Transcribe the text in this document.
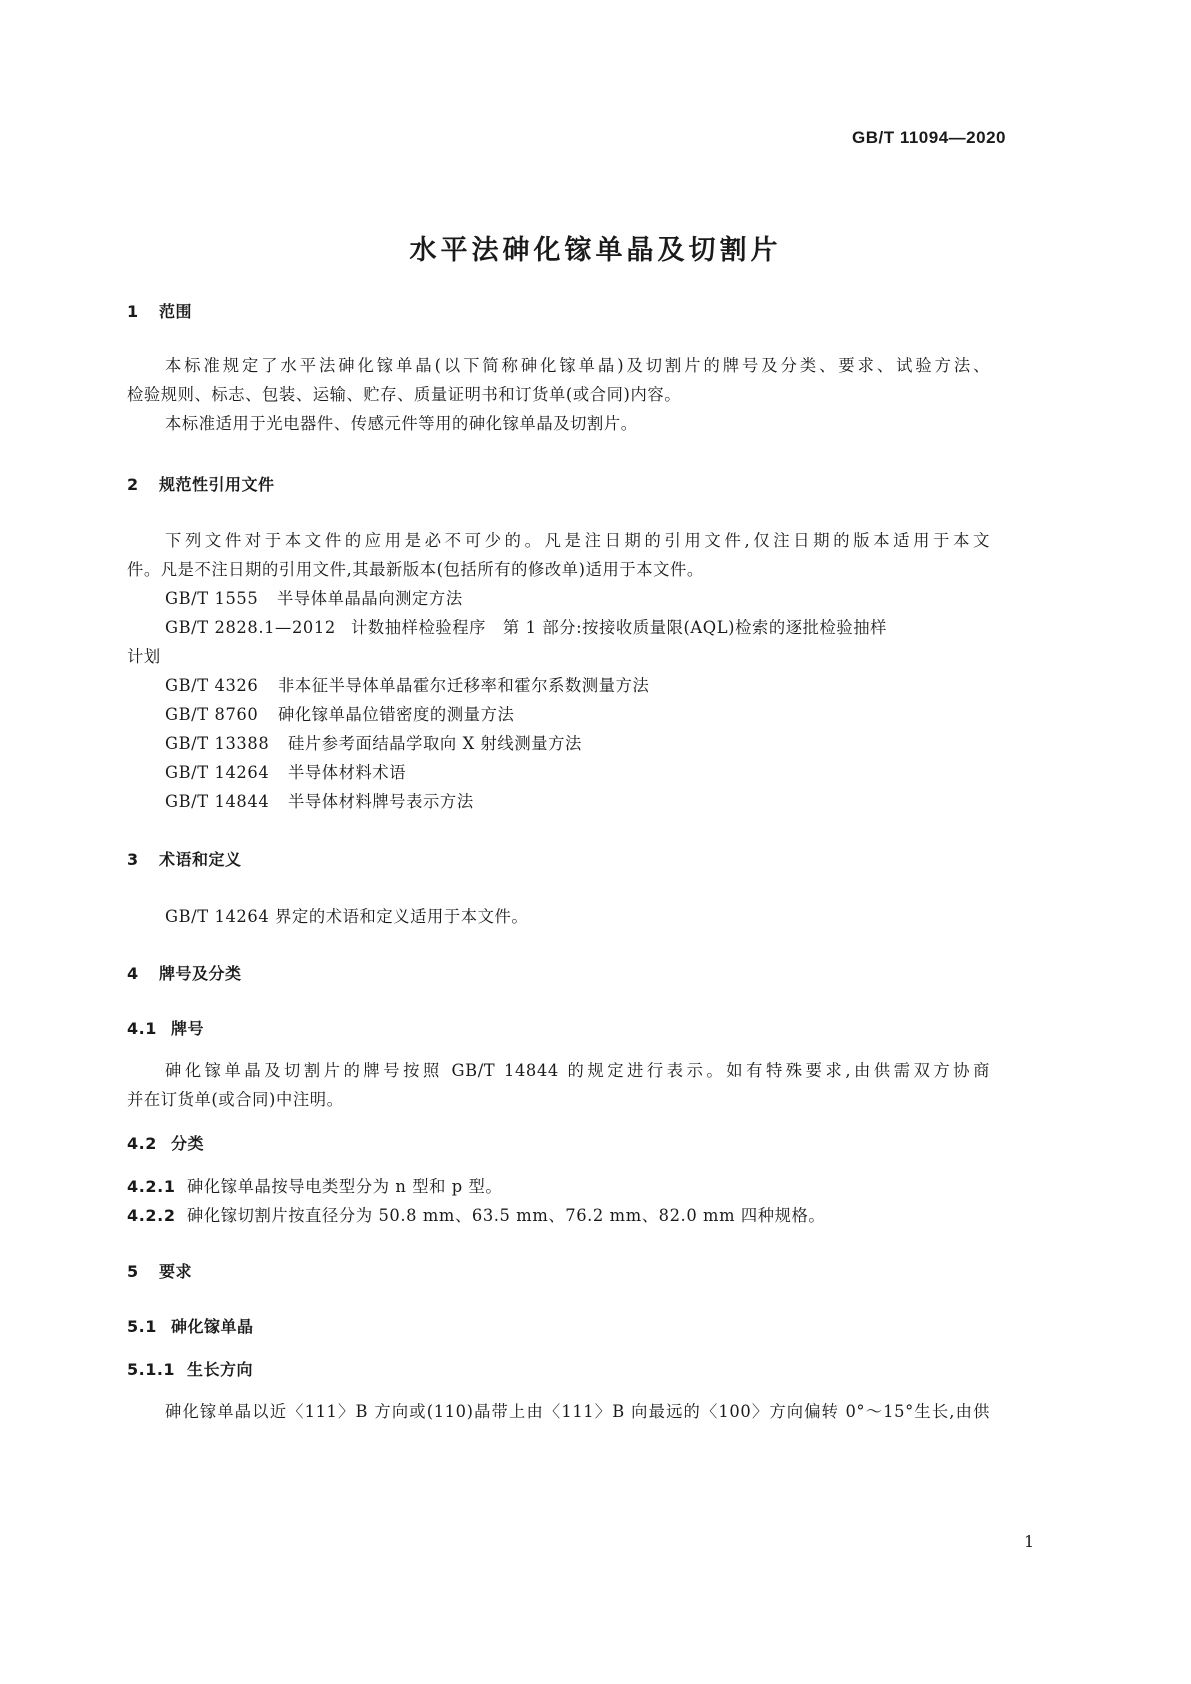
GB/T 11094—2020
水平法砷化镓单晶及切割片
1 范围
本标准规定了水平法砷化镓单晶(以下简称砷化镓单晶)及切割片的牌号及分类、要求、试验方法、
检验规则、标志、包装、运输、贮存、质量证明书和订货单(或合同)内容。
本标准适用于光电器件、传感元件等用的砷化镓单晶及切割片。
2 规范性引用文件
下列文件对于本文件的应用是必不可少的。凡是注日期的引用文件,仅注日期的版本适用于本文
件。凡是不注日期的引用文件,其最新版本(包括所有的修改单)适用于本文件。
GB/T 1555 半导体单晶晶向测定方法
GB/T 2828.1—2012 计数抽样检验程序　第 1 部分:按接收质量限(AQL)检索的逐批检验抽样
计划
GB/T 4326 非本征半导体单晶霍尔迁移率和霍尔系数测量方法
GB/T 8760 砷化镓单晶位错密度的测量方法
GB/T 13388 硅片参考面结晶学取向 X 射线测量方法
GB/T 14264 半导体材料术语
GB/T 14844 半导体材料牌号表示方法
3 术语和定义
GB/T 14264 界定的术语和定义适用于本文件。
4 牌号及分类
4.1 牌号
砷化镓单晶及切割片的牌号按照 GB/T 14844 的规定进行表示。如有特殊要求,由供需双方协商
并在订货单(或合同)中注明。
4.2 分类
4.2.1 砷化镓单晶按导电类型分为 n 型和 p 型。
4.2.2 砷化镓切割片按直径分为 50.8 mm、63.5 mm、76.2 mm、82.0 mm 四种规格。
5 要求
5.1 砷化镓单晶
5.1.1 生长方向
砷化镓单晶以近〈111〉B 方向或(110)晶带上由〈111〉B 向最远的〈100〉方向偏转 0°～15°生长,由供
1
